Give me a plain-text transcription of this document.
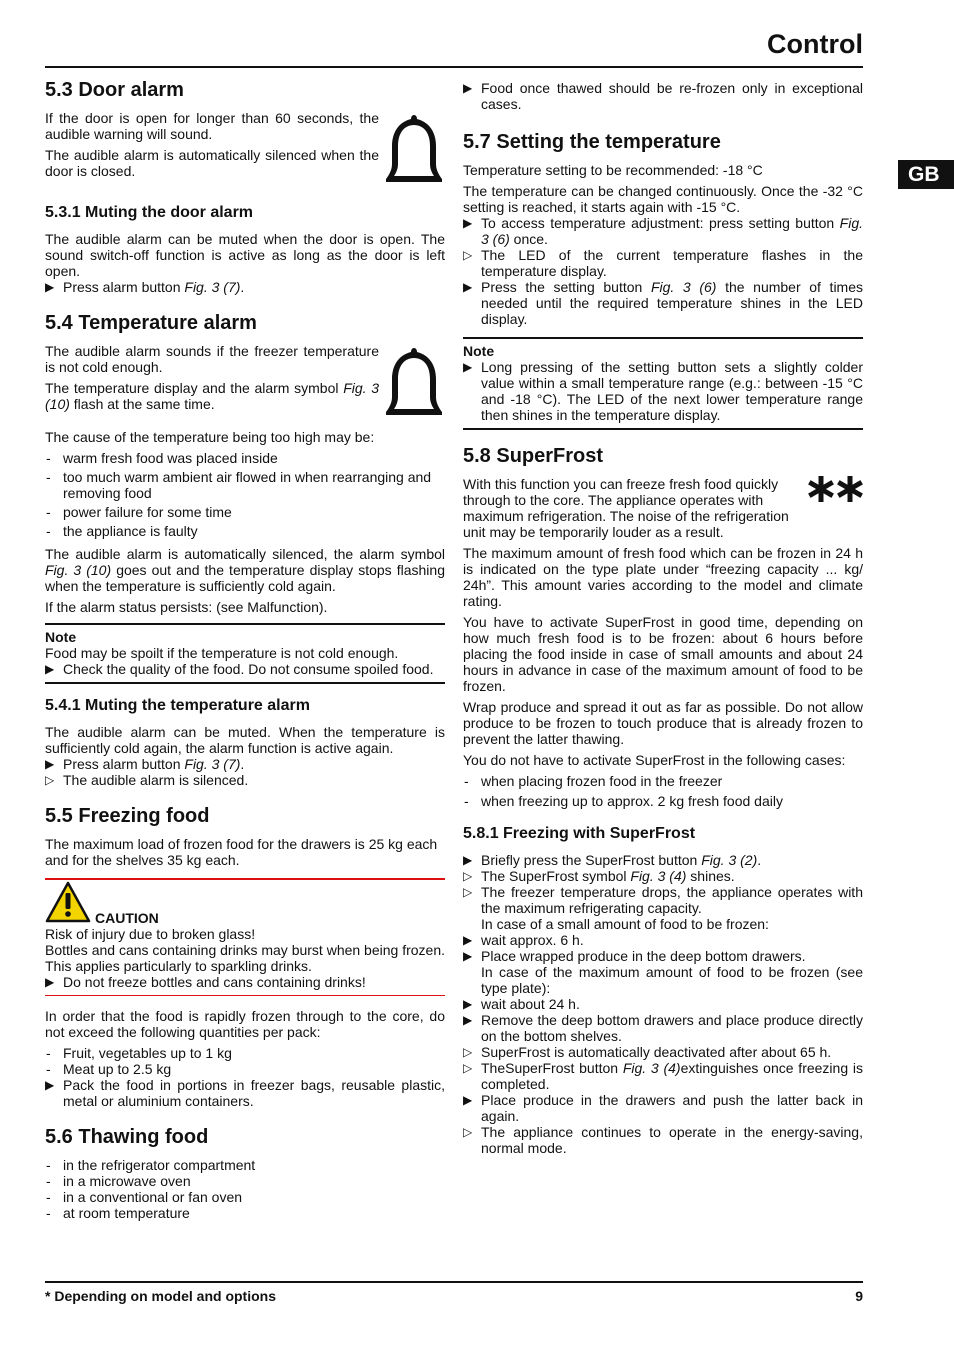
Control
GB
5.3 Door alarm
If the door is open for longer than 60 seconds, the audible warning will sound.
The audible alarm is automatically silenced when the door is closed.
5.3.1 Muting the door alarm
The audible alarm can be muted when the door is open. The sound switch-off function is active as long as the door is left open.
▶ Press alarm button Fig. 3 (7).
5.4 Temperature alarm
The audible alarm sounds if the freezer temperature is not cold enough.
The temperature display and the alarm symbol Fig. 3 (10) flash at the same time.
The cause of the temperature being too high may be:
- warm fresh food was placed inside
- too much warm ambient air flowed in when rearranging and removing food
- power failure for some time
- the appliance is faulty
The audible alarm is automatically silenced, the alarm symbol Fig. 3 (10) goes out and the temperature display stops flashing when the temperature is sufficiently cold again.
If the alarm status persists: (see Malfunction).
Note
Food may be spoilt if the temperature is not cold enough.
▶ Check the quality of the food. Do not consume spoiled food.
5.4.1 Muting the temperature alarm
The audible alarm can be muted. When the temperature is sufficiently cold again, the alarm function is active again.
▶ Press alarm button Fig. 3 (7).
▷ The audible alarm is silenced.
5.5 Freezing food
The maximum load of frozen food for the drawers is 25 kg each and for the shelves 35 kg each.
CAUTION
Risk of injury due to broken glass!
Bottles and cans containing drinks may burst when being frozen. This applies particularly to sparkling drinks.
▶ Do not freeze bottles and cans containing drinks!
In order that the food is rapidly frozen through to the core, do not exceed the following quantities per pack:
- Fruit, vegetables up to 1 kg
- Meat up to 2.5 kg
▶ Pack the food in portions in freezer bags, reusable plastic, metal or aluminium containers.
5.6 Thawing food
- in the refrigerator compartment
- in a microwave oven
- in a conventional or fan oven
- at room temperature
▶ Food once thawed should be re-frozen only in exceptional cases.
5.7 Setting the temperature
Temperature setting to be recommended: -18 °C
The temperature can be changed continuously. Once the -32 °C setting is reached, it starts again with -15 °C.
▶ To access temperature adjustment: press setting button Fig. 3 (6) once.
▷ The LED of the current temperature flashes in the temperature display.
▶ Press the setting button Fig. 3 (6) the number of times needed until the required temperature shines in the LED display.
Note
▶ Long pressing of the setting button sets a slightly colder value within a small temperature range (e.g.: between -15 °C and -18 °C). The LED of the next lower temperature range then shines in the temperature display.
5.8 SuperFrost
With this function you can freeze fresh food quickly through to the core. The appliance operates with maximum refrigeration. The noise of the refrigeration unit may be temporarily louder as a result.
The maximum amount of fresh food which can be frozen in 24 h is indicated on the type plate under “freezing capacity ... kg/ 24h”. This amount varies according to the model and climate rating.
You have to activate SuperFrost in good time, depending on how much fresh food is to be frozen: about 6 hours before placing the food inside in case of small amounts and about 24 hours in advance in case of the maximum amount of food to be frozen.
Wrap produce and spread it out as far as possible. Do not allow produce to be frozen to touch produce that is already frozen to prevent the latter thawing.
You do not have to activate SuperFrost in the following cases:
- when placing frozen food in the freezer
- when freezing up to approx. 2 kg fresh food daily
5.8.1 Freezing with SuperFrost
▶ Briefly press the SuperFrost button Fig. 3 (2).
▷ The SuperFrost symbol Fig. 3 (4) shines.
▷ The freezer temperature drops, the appliance operates with the maximum refrigerating capacity.
In case of a small amount of food to be frozen:
▶ wait approx. 6 h.
▶ Place wrapped produce in the deep bottom drawers.
In case of the maximum amount of food to be frozen (see type plate):
▶ wait about 24 h.
▶ Remove the deep bottom drawers and place produce directly on the bottom shelves.
▷ SuperFrost is automatically deactivated after about 65 h.
▷ TheSuperFrost button Fig. 3 (4)extinguishes once freezing is completed.
▶ Place produce in the drawers and push the latter back in again.
▷ The appliance continues to operate in the energy-saving, normal mode.
* Depending on model and options	9
